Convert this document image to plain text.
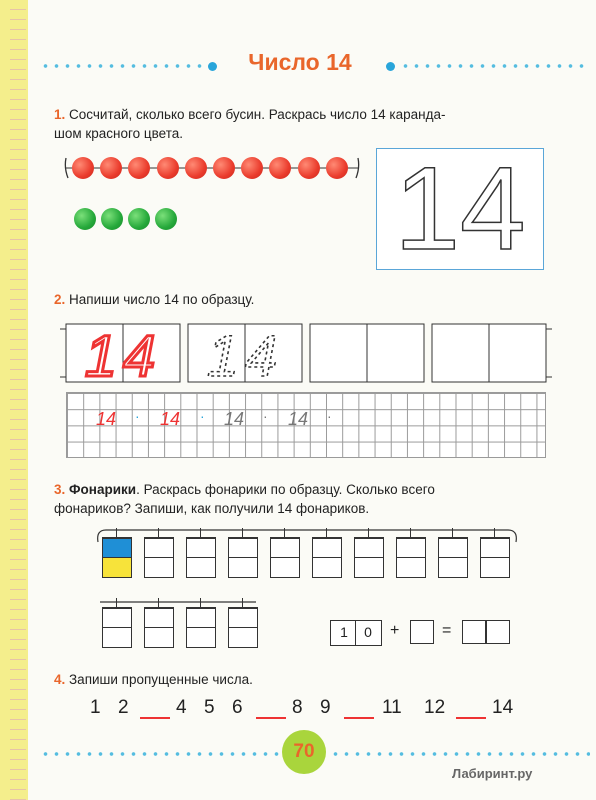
Число 14
1. Сосчитай, сколько всего бусин. Раскрась число 14 каранда-
шом красного цвета.
14
2. Напиши число 14 по образцу.
14 14
14 · 14 · 14 · 14 ·
3. Фонарики. Раскрась фонарики по образцу. Сколько всего
фонариков? Запиши, как получили 14 фонариков.
1	0	+	=
4. Запиши пропущенные числа.
1 2 4 5 6	8 9	11 12 14
70
Лабиринт.ру
